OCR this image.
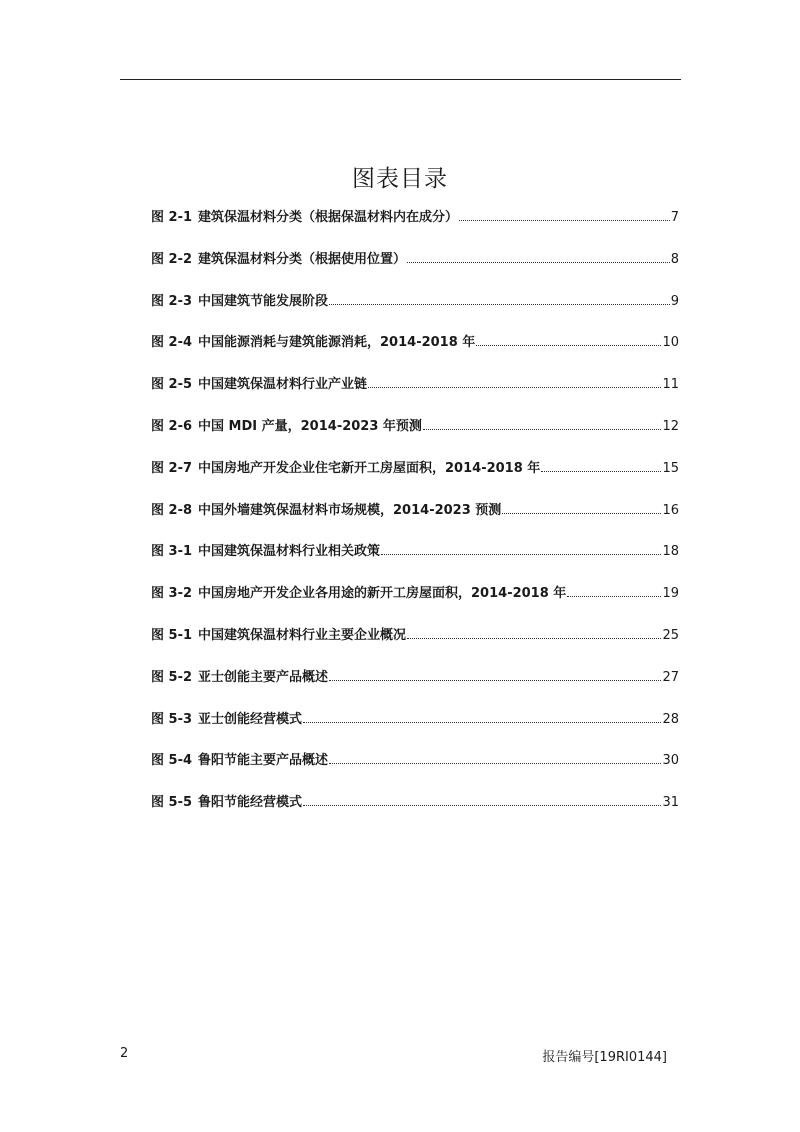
图表目录
图 2-1 建筑保温材料分类（根据保温材料内在成分）	7
图 2-2 建筑保温材料分类（根据使用位置）	8
图 2-3 中国建筑节能发展阶段	9
图 2-4 中国能源消耗与建筑能源消耗，2014-2018 年	10
图 2-5 中国建筑保温材料行业产业链	11
图 2-6 中国 MDI 产量，2014-2023 年预测	12
图 2-7 中国房地产开发企业住宅新开工房屋面积，2014-2018 年	15
图 2-8 中国外墙建筑保温材料市场规模，2014-2023 预测	16
图 3-1 中国建筑保温材料行业相关政策	18
图 3-2 中国房地产开发企业各用途的新开工房屋面积，2014-2018 年	19
图 5-1 中国建筑保温材料行业主要企业概况	25
图 5-2 亚士创能主要产品概述	27
图 5-3 亚士创能经营模式	28
图 5-4 鲁阳节能主要产品概述	30
图 5-5 鲁阳节能经营模式	31
2	报告编号[19RI0144]
